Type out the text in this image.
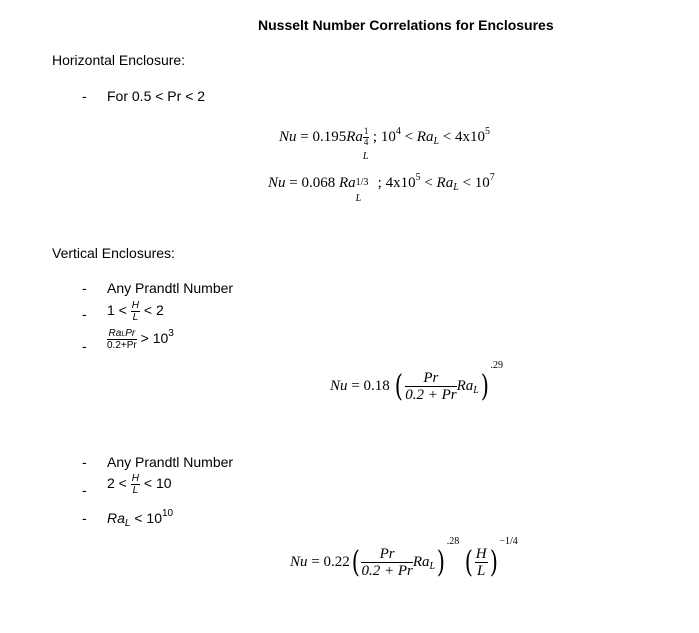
Nusselt Number Correlations for Enclosures
Horizontal Enclosure:
- For 0.5 < Pr < 2
$Nu = 0.195Ra \frac{1}{4}$
L
; $10^4 < Ra_L < 4x10^5$
Nu = 0.068 Ra 1/3
L
; $4x10^5 < Ra_L < 10^7$
Vertical Enclosures:
- Any Prandtl Number
- $1 < \frac{H}{L} < 2$
- $\frac{\text{RaLPr}}{0.2+Pr} > 10^3$
Nu = 0.18 ( $\frac{Pr}{0.2 + Pr} Ra_L)^{.29}$
- Any Prandtl Number
- $2 < \frac{H}{L} < 10$
- $Ra_L < 10^{10}$
$Nu = 0.22( \frac{Pr}{0.2 + Pr} Ra_L)^{.28}$ ( $\frac{H}{L} )^{-1/4}$
